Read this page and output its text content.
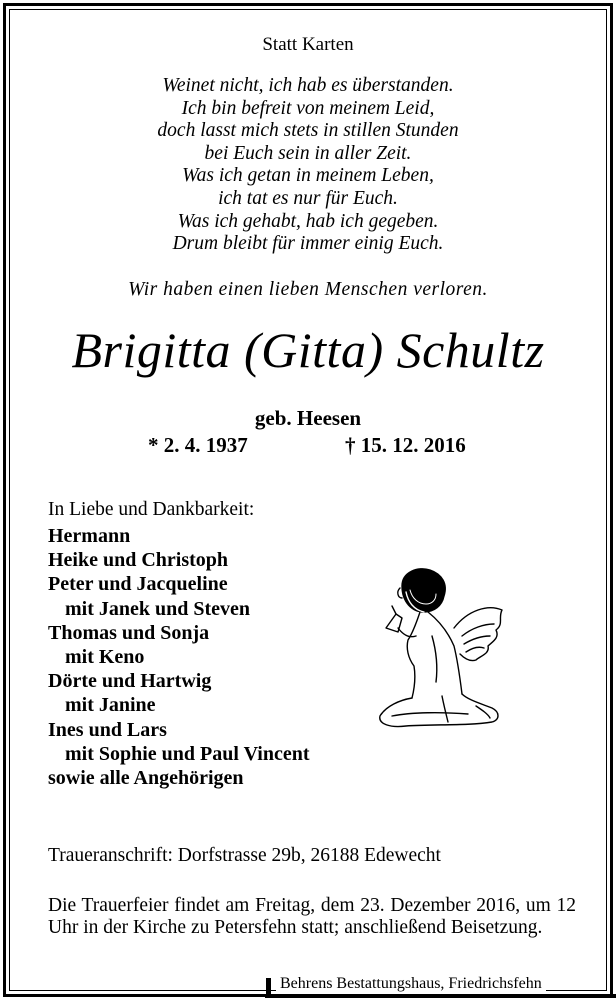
Statt Karten
Weinet nicht, ich hab es überstanden.
Ich bin befreit von meinem Leid,
doch lasst mich stets in stillen Stunden
bei Euch sein in aller Zeit.
Was ich getan in meinem Leben,
ich tat es nur für Euch.
Was ich gehabt, hab ich gegeben.
Drum bleibt für immer einig Euch.
Wir haben einen lieben Menschen verloren.
Brigitta (Gitta) Schultz
geb. Heesen
* 2. 4. 1937	† 15. 12. 2016
In Liebe und Dankbarkeit:
Hermann
Heike und Christoph
Peter und Jacqueline
mit Janek und Steven
Thomas und Sonja
mit Keno
Dörte und Hartwig
mit Janine
Ines und Lars
mit Sophie und Paul Vincent
sowie alle Angehörigen
Traueranschrift: Dorfstrasse 29b, 26188 Edewecht
Die Trauerfeier findet am Freitag, dem 23. Dezember 2016, um 12 Uhr in der Kirche zu Petersfehn statt; anschließend Beisetzung.
Behrens Bestattungshaus, Friedrichsfehn
